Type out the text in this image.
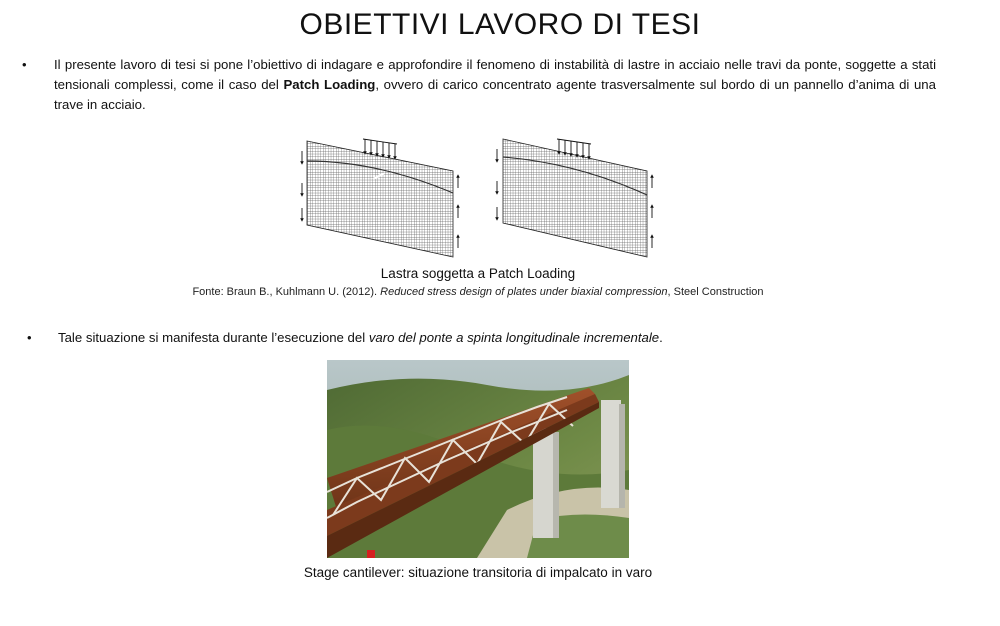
OBIETTIVI LAVORO DI TESI
• Il presente lavoro di tesi si pone l’obiettivo di indagare e approfondire il fenomeno di instabilità di lastre in acciaio nelle travi da ponte, soggette a stati tensionali complessi, come il caso del Patch Loading, ovvero di carico concentrato agente trasversalmente sul bordo di un pannello d’anima di una trave in acciaio.
Lastra soggetta a Patch Loading
Fonte: Braun B., Kuhlmann U. (2012). Reduced stress design of plates under biaxial compression, Steel Construction
• Tale situazione si manifesta durante l’esecuzione del varo del ponte a spinta longitudinale incrementale.
Stage cantilever: situazione transitoria di impalcato in varo
